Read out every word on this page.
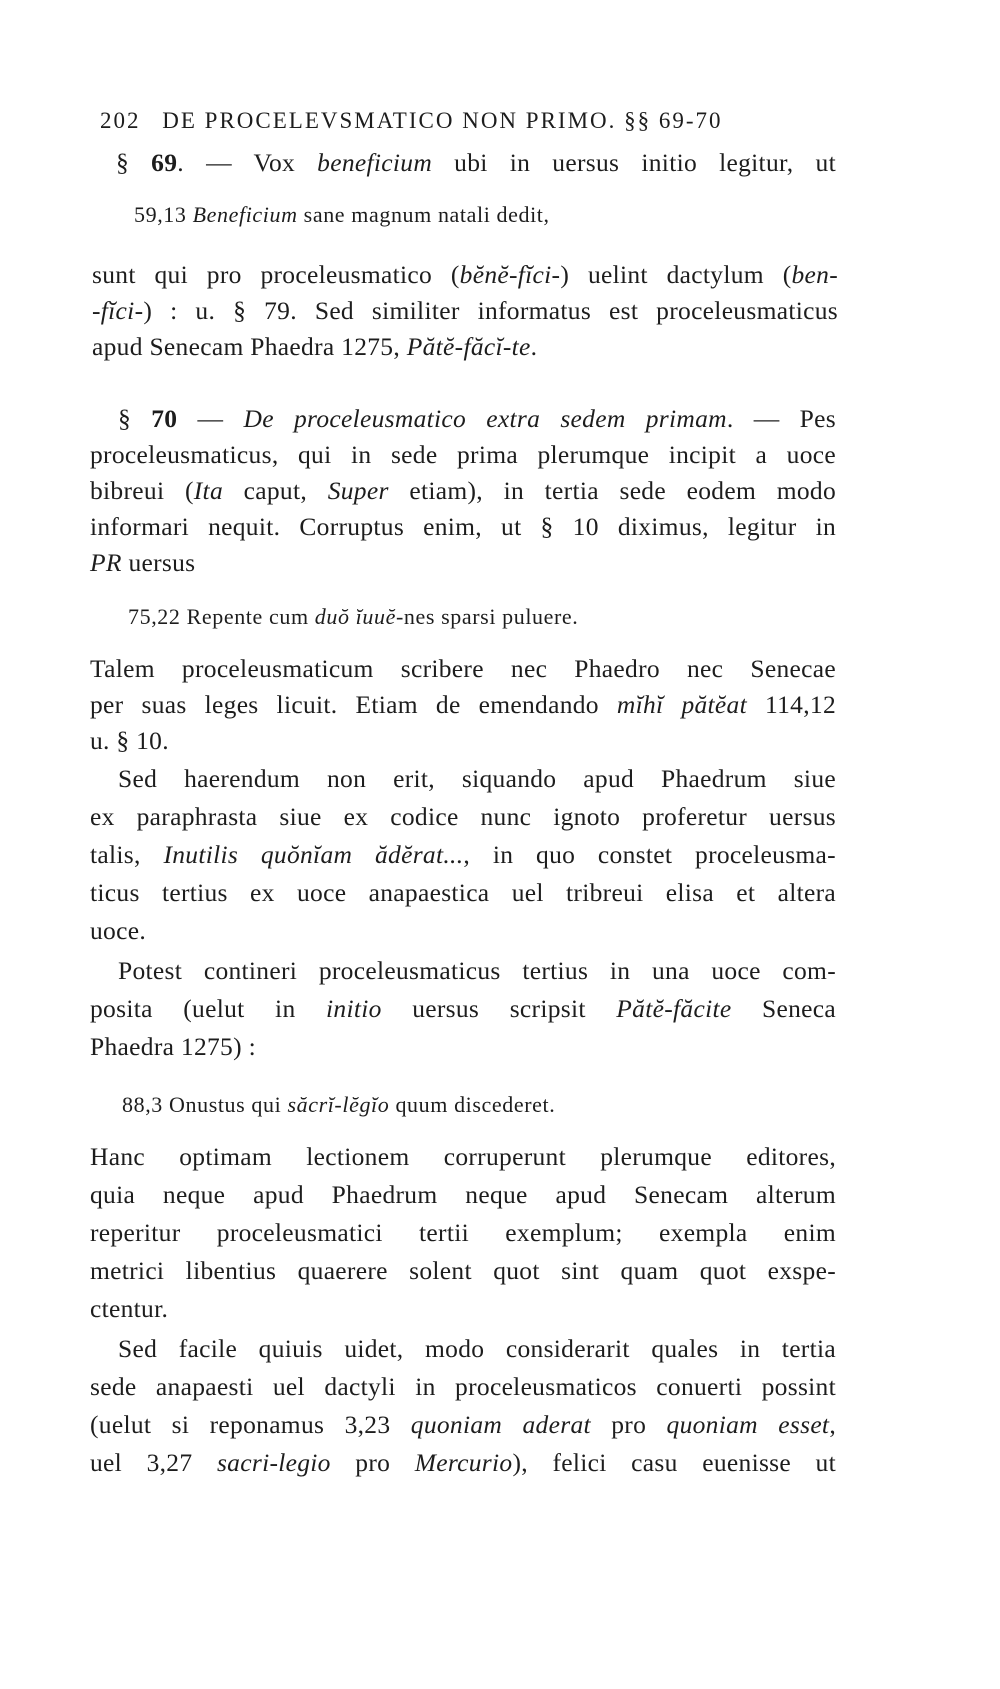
202 DE PROCELEVSMATICO NON PRIMO. §§ 69-70
§ 69. — Vox beneficium ubi in uersus initio legitur, ut
59,13 Beneficium sane magnum natali dedit,
sunt qui pro proceleusmatico (bĕnĕ-fĭci-) uelint dactylum (ben-
-fĭci-) : u. § 79. Sed similiter informatus est proceleusmaticus
apud Senecam Phaedra 1275, Pătĕ-făcĭ-te.
§ 70 — De proceleusmatico extra sedem primam. — Pes
proceleusmaticus, qui in sede prima plerumque incipit a uoce
bibreui (Ita caput, Super etiam), in tertia sede eodem modo
informari nequit. Corruptus enim, ut § 10 diximus, legitur in
PR uersus
75,22 Repente cum duŏ ĭuuĕ-nes sparsi puluere.
Talem proceleusmaticum scribere nec Phaedro nec Senecae
per suas leges licuit. Etiam de emendando mĭhĭ pătĕat 114,12
u. § 10.
Sed haerendum non erit, siquando apud Phaedrum siue
ex paraphrasta siue ex codice nunc ignoto proferetur uersus
talis, Inutilis quŏnĭam ădĕrat..., in quo constet proceleusma-
ticus tertius ex uoce anapaestica uel tribreui elisa et altera
uoce.
Potest contineri proceleusmaticus tertius in una uoce com-
posita (uelut in initio uersus scripsit Pătĕ-făcite Seneca
Phaedra 1275) :
88,3 Onustus qui săcrĭ-lĕgĭo quum discederet.
Hanc optimam lectionem corruperunt plerumque editores,
quia neque apud Phaedrum neque apud Senecam alterum
reperitur proceleusmatici tertii exemplum; exempla enim
metrici libentius quaerere solent quot sint quam quot exspe-
ctentur.
Sed facile quiuis uidet, modo considerarit quales in tertia
sede anapaesti uel dactyli in proceleusmaticos conuerti possint
(uelut si reponamus 3,23 quoniam aderat pro quoniam esset,
uel 3,27 sacri-legio pro Mercurio), felici casu euenisse ut
